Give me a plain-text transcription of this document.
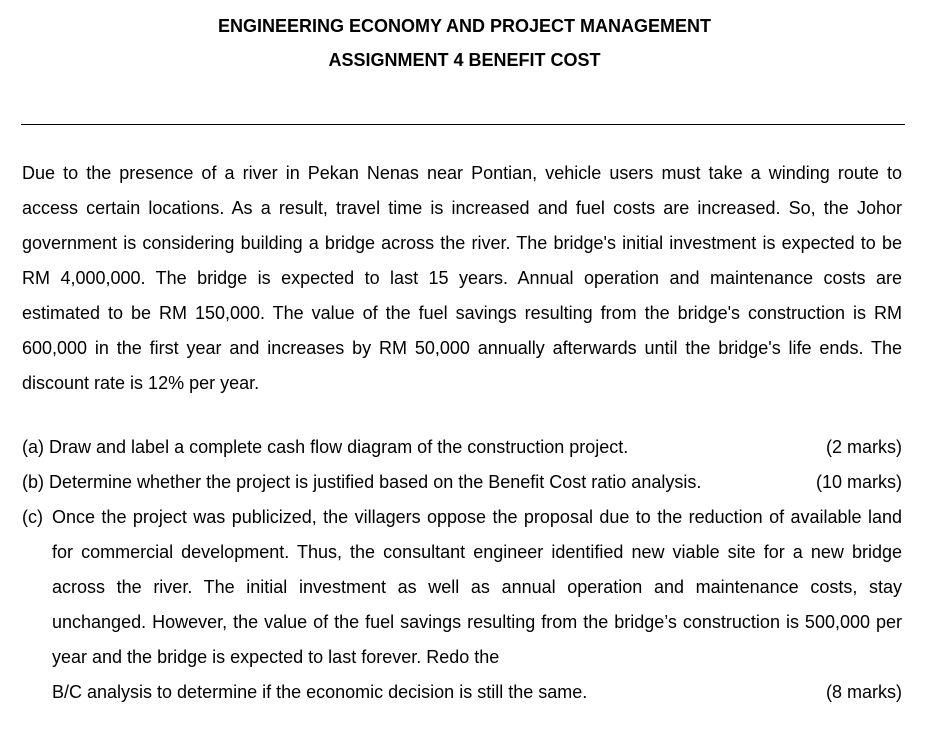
ENGINEERING ECONOMY AND PROJECT MANAGEMENT
ASSIGNMENT 4 BENEFIT COST
Due to the presence of a river in Pekan Nenas near Pontian, vehicle users must take a winding route to access certain locations. As a result, travel time is increased and fuel costs are increased. So, the Johor government is considering building a bridge across the river. The bridge's initial investment is expected to be RM 4,000,000. The bridge is expected to last 15 years. Annual operation and maintenance costs are estimated to be RM 150,000. The value of the fuel savings resulting from the bridge's construction is RM 600,000 in the first year and increases by RM 50,000 annually afterwards until the bridge's life ends. The discount rate is 12% per year.
(a) Draw and label a complete cash flow diagram of the construction project.	(2 marks)
(b) Determine whether the project is justified based on the Benefit Cost ratio analysis.	(10 marks)
(c) Once the project was publicized, the villagers oppose the proposal due to the reduction of available land for commercial development. Thus, the consultant engineer identified new viable site for a new bridge across the river. The initial investment as well as annual operation and maintenance costs, stay unchanged. However, the value of the fuel savings resulting from the bridge’s construction is 500,000 per year and the bridge is expected to last forever. Redo the
B/C analysis to determine if the economic decision is still the same.	(8 marks)
